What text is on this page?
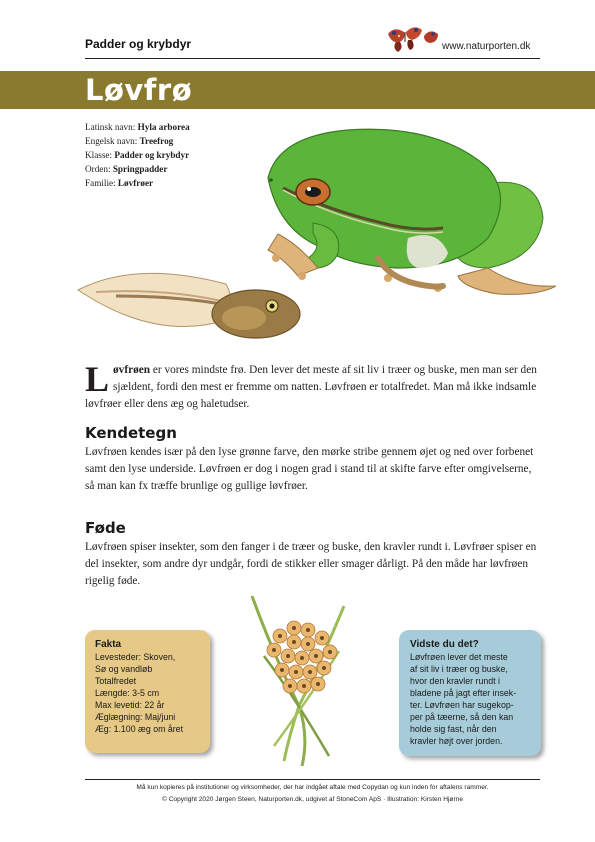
Padder og krybdyr	www.naturporten.dk
Løvfrø
Latinsk navn: Hyla arborea
Engelsk navn: Treefrog
Klasse: Padder og krybdyr
Orden: Springpadder
Familie: Løvfrøer
Løvfrøen er vores mindste frø. Den lever det meste af sit liv i træer og buske, men man ser den sjældent, fordi den mest er fremme om natten. Løvfrøen er totalfredet. Man må ikke indsamle løvfrøer eller dens æg og haletudser.
Kendetegn
Løvfrøen kendes især på den lyse grønne farve, den mørke stribe gennem øjet og ned over forbenet samt den lyse underside. Løvfrøen er dog i nogen grad i stand til at skifte farve efter omgivelserne, så man kan fx træffe brunlige og gullige løvfrøer.
Føde
Løvfrøen spiser insekter, som den fanger i de træer og buske, den kravler rundt i. Løvfrøer spiser en del insekter, som andre dyr undgår, fordi de stikker eller smager dårligt. På den måde har løvfrøen rigelig føde.
Fakta
Levesteder: Skoven,
Sø og vandløb
Totalfredet
Længde: 3-5 cm
Max levetid: 22 år
Æglægning: Maj/juni
Æg: 1.100 æg om året
Vidste du det?
Løvfrøen lever det meste
af sit liv i træer og buske,
hvor den kravler rundt i
bladene på jagt efter insek-
ter. Løvfrøen har sugekop-
per på tæerne, så den kan
holde sig fast, når den
kravler højt over jorden.
Må kun kopieres på institutioner og virksomheder, der har indgået aftale med Copydan og kun inden for aftalens rammer.
© Copyright 2020 Jørgen Steen, Naturporten.dk, udgivet af StoneCom ApS · Illustration: Kirsten Hjørne
